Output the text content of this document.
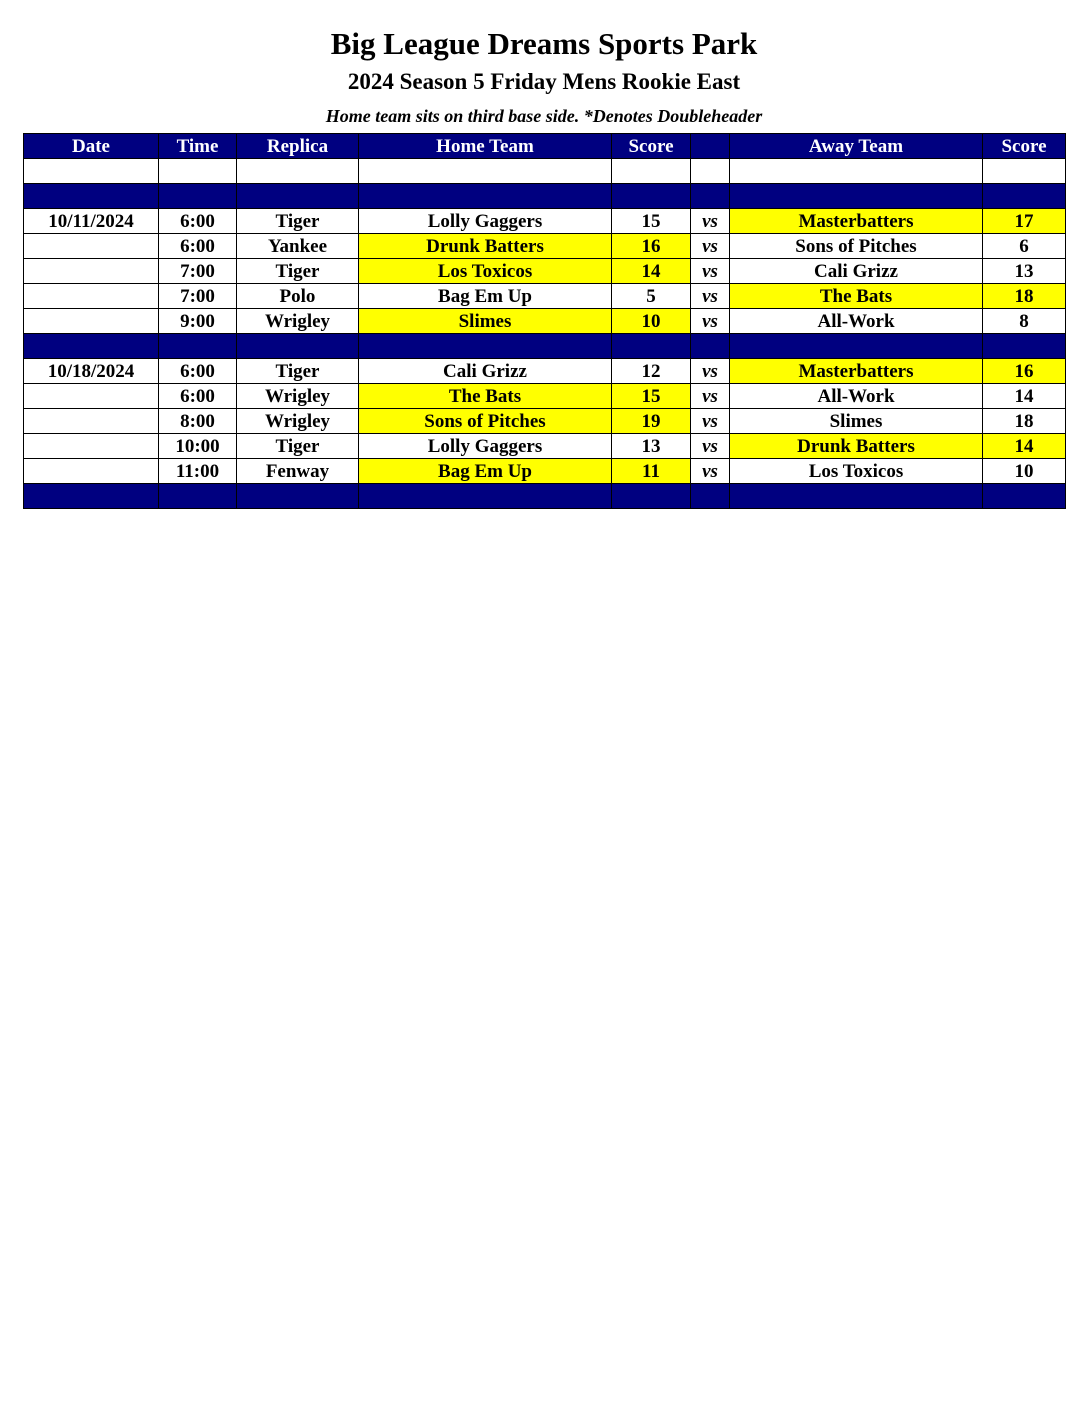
Big League Dreams Sports Park
2024 Season 5 Friday Mens Rookie East
Home team sits on third base side. *Denotes Doubleheader
Date	Time	Replica	Home Team	Score		Away Team	Score

10/11/2024	6:00	Tiger	Lolly Gaggers	15	vs	Masterbatters	17
	6:00	Yankee	Drunk Batters	16	vs	Sons of Pitches	6
	7:00	Tiger	Los Toxicos	14	vs	Cali Grizz	13
	7:00	Polo	Bag Em Up	5	vs	The Bats	18
	9:00	Wrigley	Slimes	10	vs	All-Work	8

10/18/2024	6:00	Tiger	Cali Grizz	12	vs	Masterbatters	16
	6:00	Wrigley	The Bats	15	vs	All-Work	14
	8:00	Wrigley	Sons of Pitches	19	vs	Slimes	18
	10:00	Tiger	Lolly Gaggers	13	vs	Drunk Batters	14
	11:00	Fenway	Bag Em Up	11	vs	Los Toxicos	10
